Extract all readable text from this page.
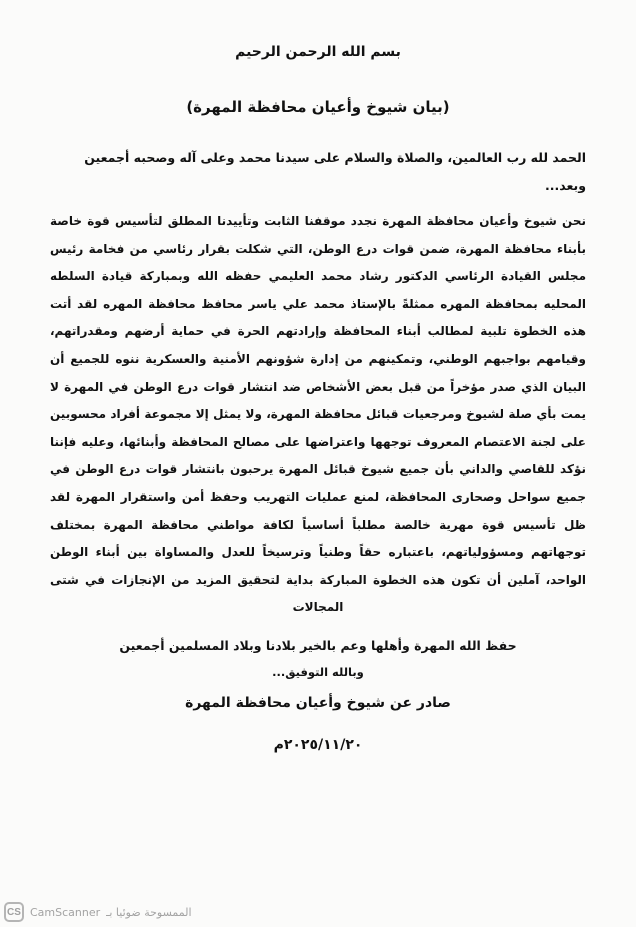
بسم الله الرحمن الرحيم
(بيان شيوخ وأعيان محافظة المهرة)

الحمد لله رب العالمين، والصلاة والسلام على سيدنا محمد وعلى آله وصحبه أجمعين

وبعد...

نحن شيوخ وأعيان محافظة المهرة نجدد موقفنا الثابت وتأييدنا المطلق لتأسيس قوة خاصة بأبناء محافظة المهرة، ضمن قوات درع الوطن، التي شكلت بقرار رئاسي من فخامة رئيس مجلس القيادة الرئاسي الدكتور رشاد محمد العليمي حفظه الله وبمباركة قيادة السلطه المحليه بمحافظة المهره ممثلةً بالإستاذ محمد علي ياسر محافظ محافظة المهره لقد أتت هذه الخطوة تلبية لمطالب أبناء المحافظة وإرادتهم الحرة في حماية أرضهم ومقدراتهم، وقيامهم بواجبهم الوطني، وتمكينهم من إدارة شؤونهم الأمنية والعسكرية ننوه للجميع أن البيان الذي صدر مؤخراً من قبل بعض الأشخاص ضد انتشار قوات درع الوطن في المهرة لا يمت بأي صلة لشيوخ ومرجعيات قبائل محافظة المهرة، ولا يمثل إلا مجموعة أفراد محسوبين على لجنة الاعتصام المعروف توجهها واعتراضها على مصالح المحافظة وأبنائها، وعليه فإننا نؤكد للقاصي والداني بأن جميع شيوخ قبائل المهرة يرحبون بانتشار قوات درع الوطن في جميع سواحل وصحارى المحافظة، لمنع عمليات التهريب وحفظ أمن واستقرار المهرة لقد ظل تأسيس قوة مهرية خالصة مطلباً أساسياً لكافة مواطني محافظة المهرة بمختلف توجهاتهم ومسؤولياتهم، باعتباره حقاً وطنياً وترسيخاً للعدل والمساواة بين أبناء الوطن الواحد، آملين أن تكون هذه الخطوة المباركة بداية لتحقيق المزيد من الإنجازات في شتى المجالات

حفظ الله المهرة وأهلها وعم بالخير بلادنا وبلاد المسلمين أجمعين
وبالله التوفيق...
صادر عن شيوخ وأعيان محافظة المهرة
٢٠٢٥/١١/٢٠م
CS CamScanner الممسوحة ضوئيا بـ
